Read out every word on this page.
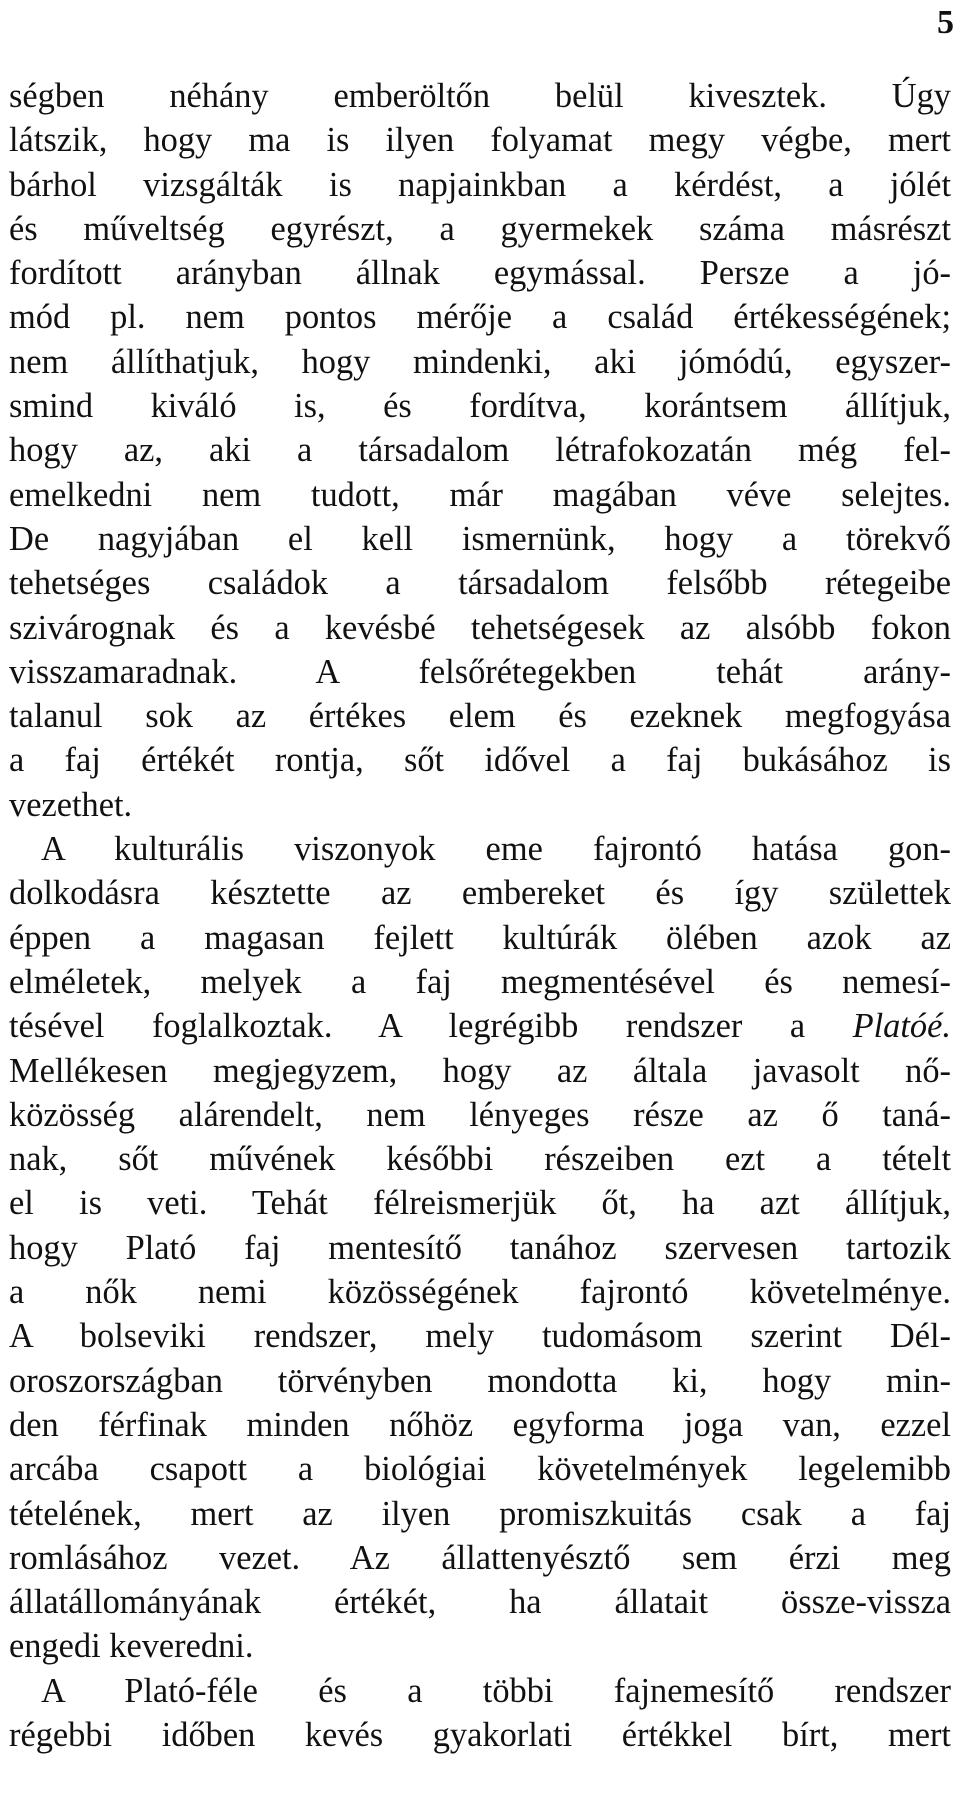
5
ségben néhány emberöltőn belül kivesztek. Úgy
látszik, hogy ma is ilyen folyamat megy végbe, mert
bárhol vizsgálták is napjainkban a kérdést, a jólét
és műveltség egyrészt, a gyermekek száma másrészt
fordított arányban állnak egymással. Persze a jó-
mód pl. nem pontos mérője a család értékességének;
nem állíthatjuk, hogy mindenki, aki jómódú, egyszer-
smind kiváló is, és fordítva, korántsem állítjuk,
hogy az, aki a társadalom létrafokozatán még fel-
emelkedni nem tudott, már magában véve selejtes.
De nagyjában el kell ismernünk, hogy a törekvő
tehetséges családok a társadalom felsőbb rétegeibe
szivárognak és a kevésbé tehetségesek az alsóbb fokon
visszamaradnak. A felsőrétegekben tehát arány-
talanul sok az értékes elem és ezeknek megfogyása
a faj értékét rontja, sőt idővel a faj bukásához is
vezethet.
A kulturális viszonyok eme fajrontó hatása gon-
dolkodásra késztette az embereket és így születtek
éppen a magasan fejlett kultúrák ölében azok az
elméletek, melyek a faj megmentésével és nemesí-
tésével foglalkoztak. A legrégibb rendszer a Platóé.
Mellékesen megjegyzem, hogy az általa javasolt nő-
közösség alárendelt, nem lényeges része az ő taná-
nak, sőt művének későbbi részeiben ezt a tételt
el is veti. Tehát félreismerjük őt, ha azt állítjuk,
hogy Plató faj mentesítő tanához szervesen tartozik
a nők nemi közösségének fajrontó követelménye.
A bolseviki rendszer, mely tudomásom szerint Dél-
oroszországban törvényben mondotta ki, hogy min-
den férfinak minden nőhöz egyforma joga van, ezzel
arcába csapott a biológiai követelmények legelemibb
tételének, mert az ilyen promiszkuitás csak a faj
romlásához vezet. Az állattenyésztő sem érzi meg
állatállományának értékét, ha állatait össze-vissza
engedi keveredni.
A Plató-féle és a többi fajnemesítő rendszer
régebbi időben kevés gyakorlati értékkel bírt, mert
